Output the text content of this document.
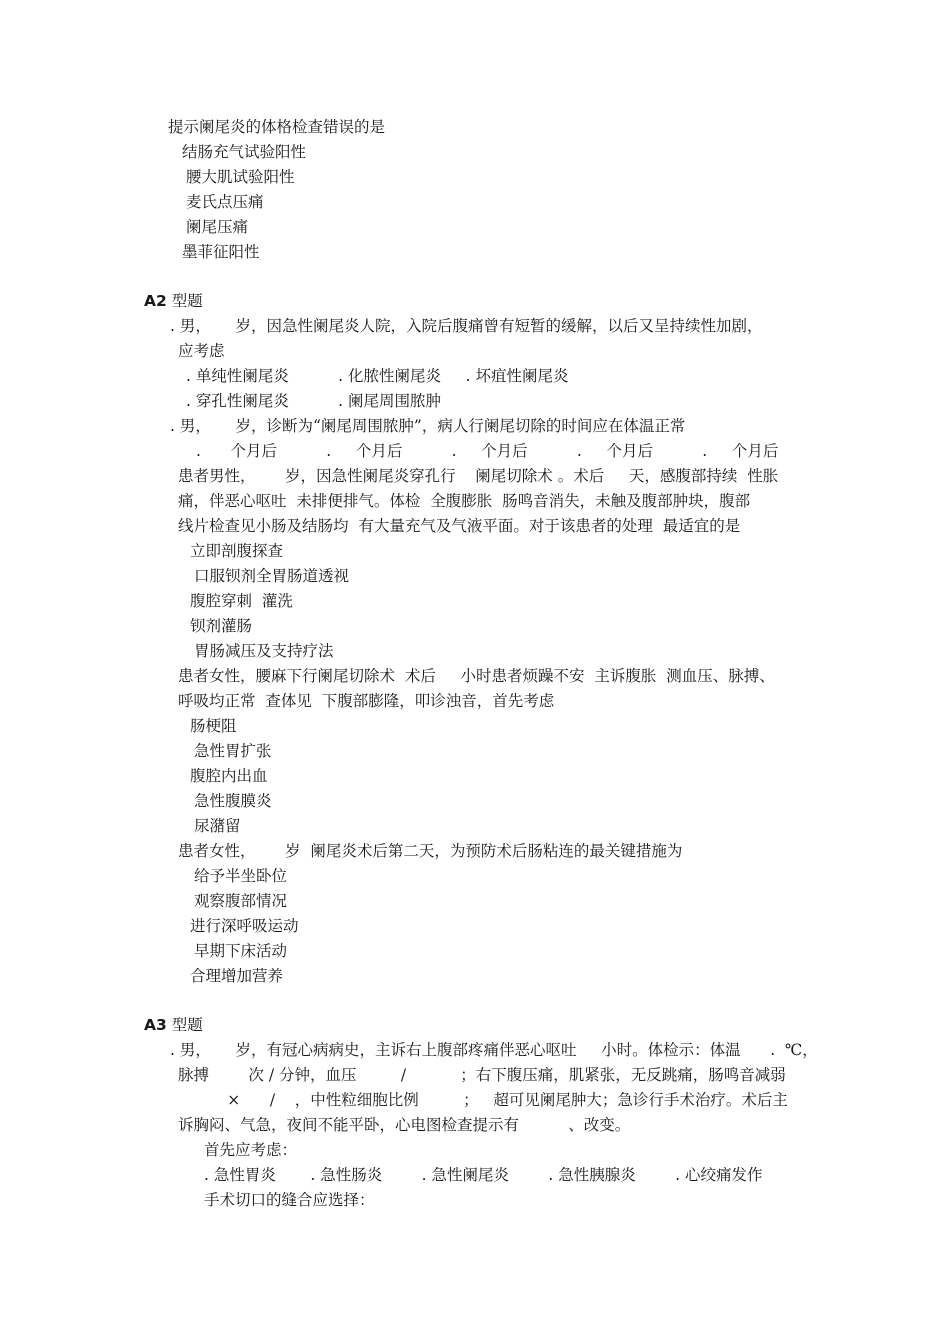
提示阑尾炎的体格检查错误的是
结肠充气试验阳性
腰大肌试验阳性
麦氏点压痛
阑尾压痛
墨菲征阳性
A2 型题
. 男，     岁，因急性阑尾炎人院，入院后腹痛曾有短暂的缓解，以后又呈持续性加剧，
应考虑
. 单纯性阑尾炎          . 化脓性阑尾炎     . 坏疽性阑尾炎
. 穿孔性阑尾炎          . 阑尾周围脓肿
. 男，     岁，诊断为“阑尾周围脓肿”，病人行阑尾切除的时间应在体温正常
.      个月后          .     个月后          .     个月后          .     个月后          .     个月后
患者男性，      岁，因急性阑尾炎穿孔行    阑尾切除术 。术后     天，感腹部持续  性胀
痛，伴恶心呕吐  未排便排气。体检  全腹膨胀  肠鸣音消失，未触及腹部肿块，腹部
线片检查见小肠及结肠均  有大量充气及气液平面。对于该患者的处理  最适宜的是
立即剖腹探查
口服钡剂全胃肠道透视
腹腔穿刺  灌洗
钡剂灌肠
胃肠减压及支持疗法
患者女性，腰麻下行阑尾切除术  术后     小时患者烦躁不安  主诉腹胀  测血压、脉搏、
呼吸均正常  查体见  下腹部膨隆，叩诊浊音，首先考虑
肠梗阻
急性胃扩张
腹腔内出血
急性腹膜炎
尿潴留
患者女性，      岁  阑尾炎术后第二天，为预防术后肠粘连的最关键措施为
给予半坐卧位
观察腹部情况
进行深呼吸运动
早期下床活动
合理增加营养
A3 型题
. 男，     岁，有冠心病病史，主诉右上腹部疼痛伴恶心呕吐     小时。体检示：体温      .  ℃，
脉搏        次 / 分钟，血压         /           ；右下腹压痛，肌紧张，无反跳痛，肠鸣音减弱
×      /    ，中性粒细胞比例         ；   超可见阑尾肿大；急诊行手术治疗。术后主
诉胸闷、气急，夜间不能平卧，心电图检查提示有          、改变。
首先应考虑：
. 急性胃炎       . 急性肠炎        . 急性阑尾炎        . 急性胰腺炎        . 心绞痛发作
手术切口的缝合应选择：
